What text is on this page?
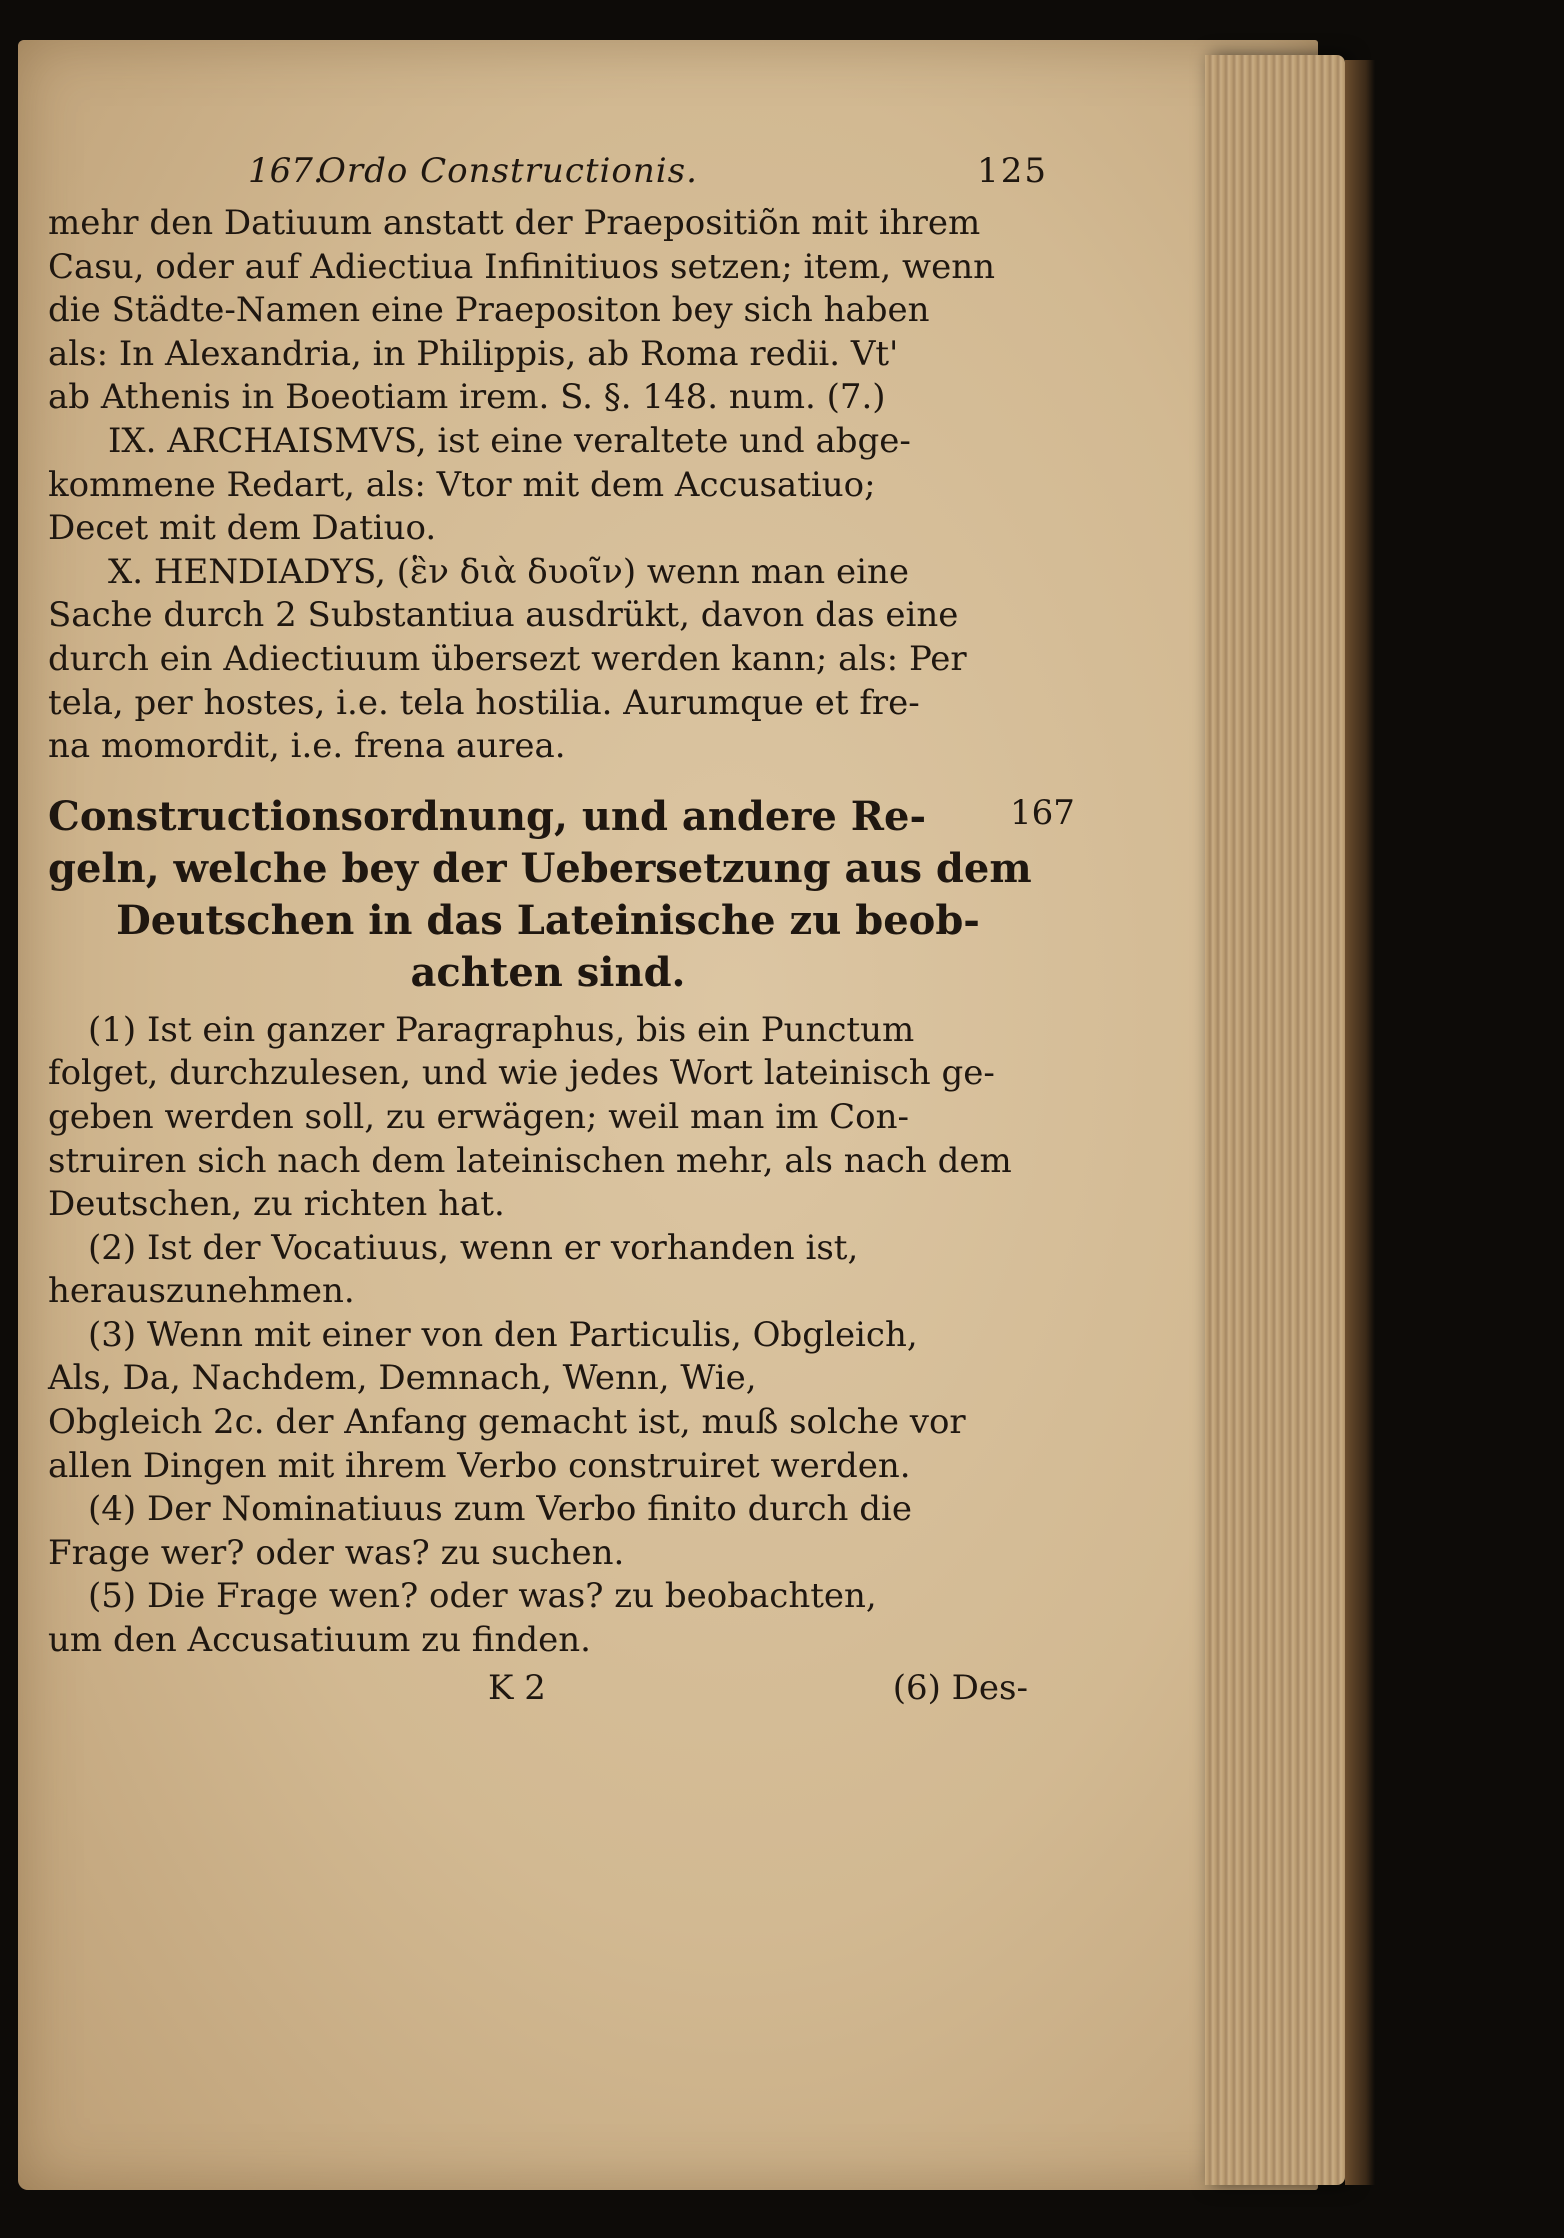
167.
Ordo Constructionis.	125
mehr den Datiuum anstatt der Praepositiõn mit ihrem
Casu, oder auf Adiectiua Infinitiuos setzen; item, wenn
die Städte-Namen eine Praepositon bey sich haben
als: In Alexandria, in Philippis, ab Roma redii. Vt'
ab Athenis in Boeotiam irem. S. §. 148. num. (7.)
IX. ARCHAISMVS, ist eine veraltete und abge-
kommene Redart, als: Vtor mit dem Accusatiuo;
Decet mit dem Datiuo.
X. HENDIADYS, (ἓν διὰ δυοῖν) wenn man eine
Sache durch 2 Substantiua ausdrükt, davon das eine
durch ein Adiectiuum übersezt werden kann; als: Per
tela, per hostes, i.e. tela hostilia. Aurumque et fre-
na momordit, i.e. frena aurea.
Constructionsordnung, und andere Re-
geln, welche bey der Uebersetzung aus dem
Deutschen in das Lateinische zu beob-
achten sind.
(1) Ist ein ganzer Paragraphus, bis ein Punctum
folget, durchzulesen, und wie jedes Wort lateinisch ge-
geben werden soll, zu erwägen; weil man im Con-
struiren sich nach dem lateinischen mehr, als nach dem
Deutschen, zu richten hat.
(2) Ist der Vocatiuus, wenn er vorhanden ist,
herauszunehmen.
(3) Wenn mit einer von den Particulis, Obgleich,
Als, Da, Nachdem, Demnach, Wenn, Wie,
Obgleich 2c. der Anfang gemacht ist, muß solche vor
allen Dingen mit ihrem Verbo construiret werden.
(4) Der Nominatiuus zum Verbo finito durch die
Frage wer? oder was? zu suchen.
(5) Die Frage wen? oder was? zu beobachten,
um den Accusatiuum zu finden.
K 2	(6) Des-
167
